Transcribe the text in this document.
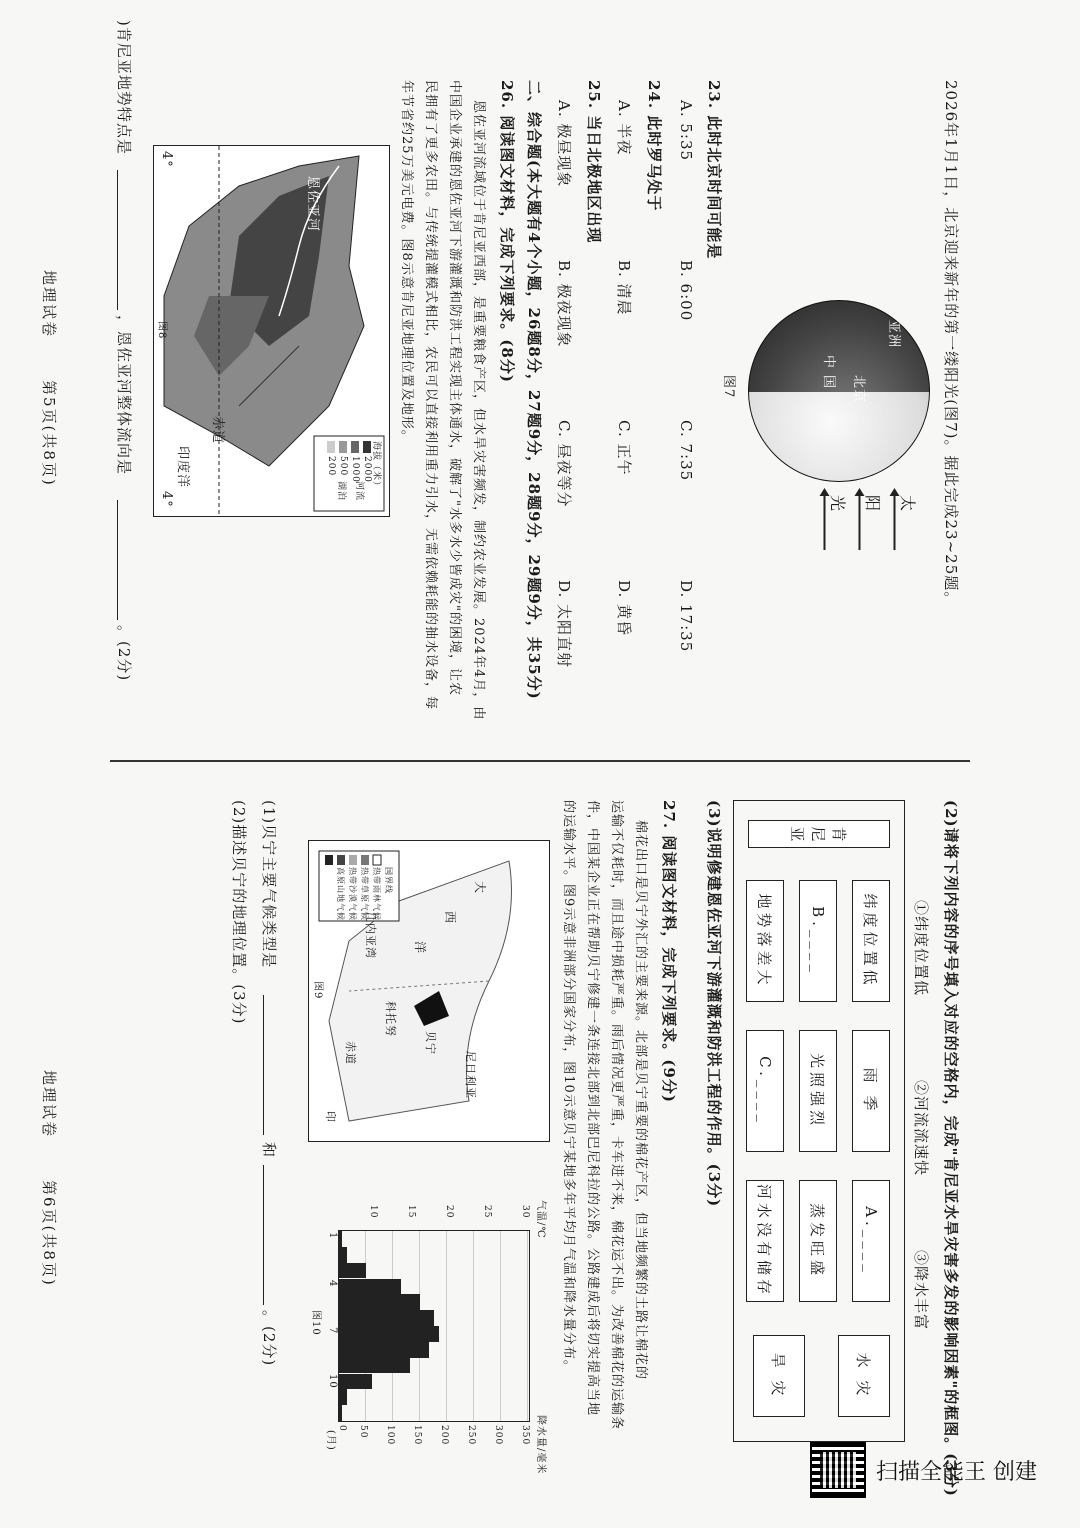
2026年1月1日，北京迎来新年的第一缕阳光(图7)。据此完成23~25题。
中
国
亚洲
北京
图7
太
阳
光
23. 此时北京时间可能是
A. 5:35
B. 6:00
C. 7:35
D. 17:35
24. 此时罗马处于
A. 半夜
B. 清晨
C. 正午
D. 黄昏
25. 当日北极地区出现
A. 极昼现象
B. 极夜现象
C. 昼夜等分
D. 太阳直射
二、综合题(本大题有4个小题，26题8分，27题9分，28题9分，29题9分，共35分)
26. 阅读图文材料，完成下列要求。(8分)
恩佐亚河流域位于肯尼亚西部，是重要粮食产区，但水旱灾害频发，制约农业发展。2024年4月，由
中国企业承建的恩佐亚河下游灌溉和防洪工程实现主体通水，破解了"水多水少皆成灾"的困境，让农
民拥有了更多农田。与传统提灌模式相比，农民可以直接利用重力引水，无需依赖耗能的抽水设备，每
年节省约25万美元电费。图8示意肯尼亚地理位置及地形。
海拔（米）
2000
1000
500
200
河流
湖泊
恩佐亚河
赤道
印度洋
4°
4°
图8
)肯尼亚地势特点是
，恩佐亚河整体流向是
。(2分)
地理试卷
第5页(共8页)
(2)请将下列内容的序号填入对应的空格内，完成"肯尼亚水旱灾害多发的影响因素"的框图。(3分)
①纬度位置低
②河流流速快
③降水丰富
肯
尼
亚
纬度位置低
B.____
地势落差大
雨 季
光照强烈
C.____
A.____
蒸发旺盛
河水没有储存
水 灾
旱 灾
(3)说明修建恩佐亚河下游灌溉和防洪工程的作用。(3分)
27. 阅读图文材料，完成下列要求。(9分)
棉花出口是贝宁外汇的主要来源。北部是贝宁重要的棉花产区，但当地频繁的土路让棉花的
运输不仅耗时，而且途中损耗严重。雨后情况更严重，卡车进不来，棉花运不出。为改善棉花的运输条
件，中国某企业正在帮助贝宁修建一条连接北部到北部巴尼科拉的公路。公路建成后将切实提高当地
的运输水平。图9示意非洲部分国家分布，图10示意贝宁某地多年平均月气温和降水量分布。
大
西
洋
几内亚湾
贝宁
科托努
尼日利亚
赤道
印
国界线
热带雨林气候
热带草原气候
热带沙漠气候
高原山地气候
图9
气温/℃
降水量/毫米
(月)
1
4
7
10
30
25
20
15
10
350
300
250
200
150
100
50
0
图10
(1)贝宁主要气候类型是
和
。(2分)
(2)描述贝宁的地理位置。(3分)
地理试卷
第6页(共8页)
扫描全能王 创建
